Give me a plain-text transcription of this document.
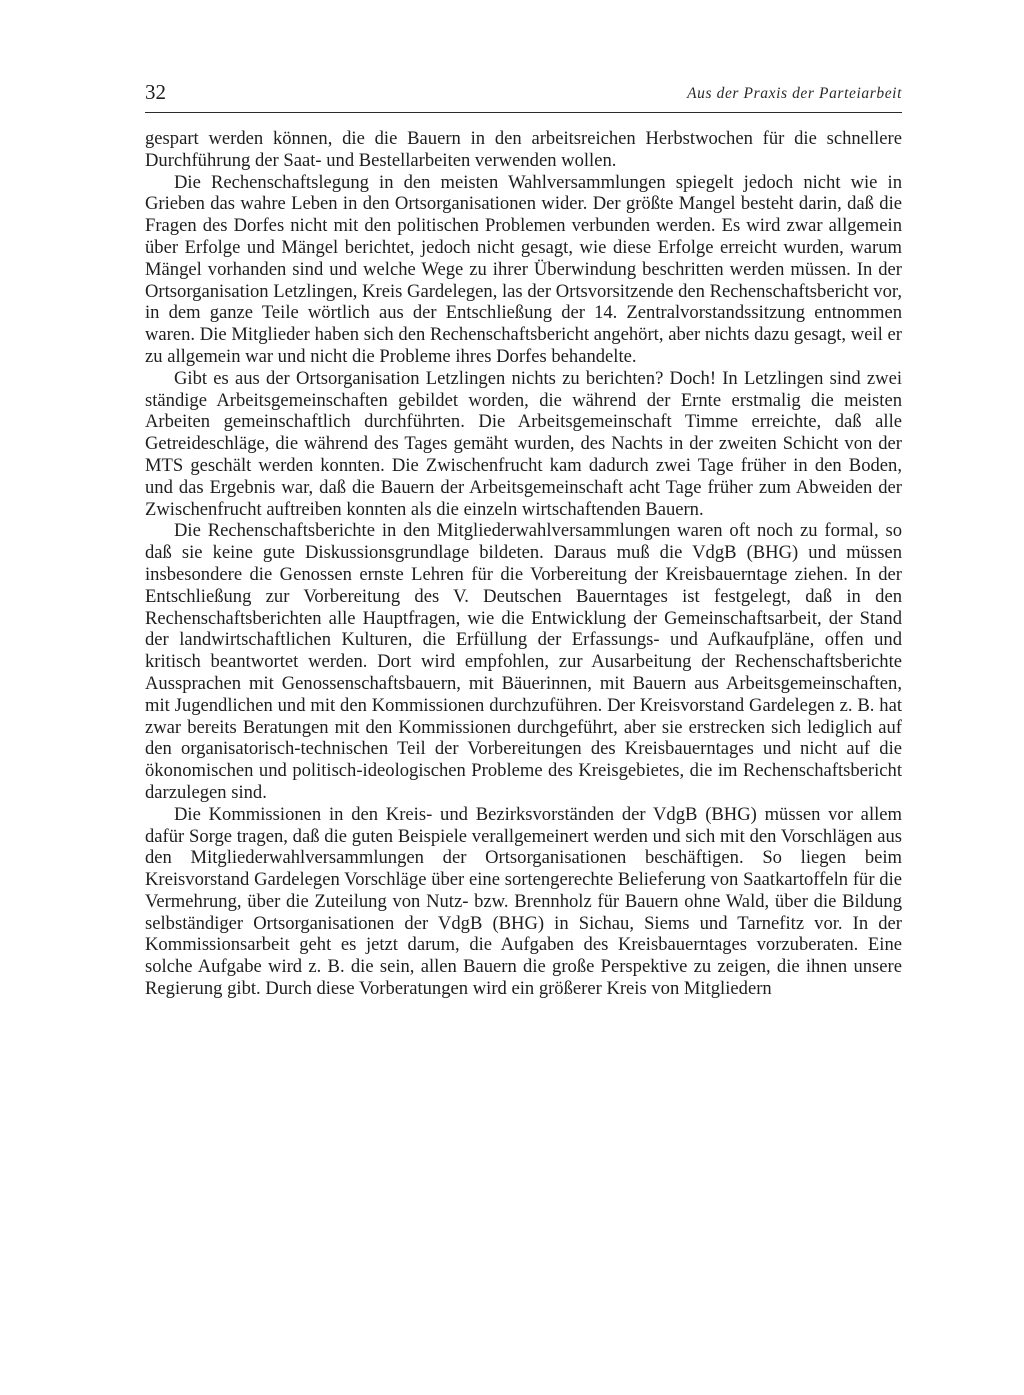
32	Aus der Praxis der Parteiarbeit

gespart werden können, die die Bauern in den arbeitsreichen Herbstwochen für die schnellere Durchführung der Saat- und Bestellarbeiten verwenden wollen.

Die Rechenschaftslegung in den meisten Wahlversammlungen spiegelt jedoch nicht wie in Grieben das wahre Leben in den Ortsorganisationen wider. Der größte Mangel besteht darin, daß die Fragen des Dorfes nicht mit den politischen Problemen verbunden werden. Es wird zwar allgemein über Erfolge und Mängel berichtet, jedoch nicht gesagt, wie diese Erfolge erreicht wurden, warum Mängel vorhanden sind und welche Wege zu ihrer Überwindung beschritten werden müssen. In der Ortsorganisation Letzlingen, Kreis Gardelegen, las der Ortsvorsitzende den Rechenschaftsbericht vor, in dem ganze Teile wörtlich aus der Entschließung der 14. Zentralvorstandssitzung entnommen waren. Die Mitglieder haben sich den Rechenschaftsbericht angehört, aber nichts dazu gesagt, weil er zu allgemein war und nicht die Probleme ihres Dorfes behandelte.

Gibt es aus der Ortsorganisation Letzlingen nichts zu berichten? Doch! In Letzlingen sind zwei ständige Arbeitsgemeinschaften gebildet worden, die während der Ernte erstmalig die meisten Arbeiten gemeinschaftlich durchführten. Die Arbeitsgemeinschaft Timme erreichte, daß alle Getreideschläge, die während des Tages gemäht wurden, des Nachts in der zweiten Schicht von der MTS geschält werden konnten. Die Zwischenfrucht kam dadurch zwei Tage früher in den Boden, und das Ergebnis war, daß die Bauern der Arbeitsgemeinschaft acht Tage früher zum Abweiden der Zwischenfrucht auftreiben konnten als die einzeln wirtschaftenden Bauern.

Die Rechenschaftsberichte in den Mitgliederwahlversammlungen waren oft noch zu formal, so daß sie keine gute Diskussionsgrundlage bildeten. Daraus muß die VdgB (BHG) und müssen insbesondere die Genossen ernste Lehren für die Vorbereitung der Kreisbauerntage ziehen. In der Entschließung zur Vorbereitung des V. Deutschen Bauerntages ist festgelegt, daß in den Rechenschaftsberichten alle Hauptfragen, wie die Entwicklung der Gemeinschaftsarbeit, der Stand der landwirtschaftlichen Kulturen, die Erfüllung der Erfassungs- und Aufkaufpläne, offen und kritisch beantwortet werden. Dort wird empfohlen, zur Ausarbeitung der Rechenschaftsberichte Aussprachen mit Genossenschaftsbauern, mit Bäuerinnen, mit Bauern aus Arbeitsgemeinschaften, mit Jugendlichen und mit den Kommissionen durchzuführen. Der Kreisvorstand Gardelegen z. B. hat zwar bereits Beratungen mit den Kommissionen durchgeführt, aber sie erstrecken sich lediglich auf den organisatorisch-technischen Teil der Vorbereitungen des Kreisbauerntages und nicht auf die ökonomischen und politisch-ideologischen Probleme des Kreisgebietes, die im Rechenschaftsbericht darzulegen sind.

Die Kommissionen in den Kreis- und Bezirksvorständen der VdgB (BHG) müssen vor allem dafür Sorge tragen, daß die guten Beispiele verallgemeinert werden und sich mit den Vorschlägen aus den Mitgliederwahlversammlungen der Ortsorganisationen beschäftigen. So liegen beim Kreisvorstand Gardelegen Vorschläge über eine sortengerechte Belieferung von Saatkartoffeln für die Vermehrung, über die Zuteilung von Nutz- bzw. Brennholz für Bauern ohne Wald, über die Bildung selbständiger Ortsorganisationen der VdgB (BHG) in Sichau, Siems und Tarnefitz vor. In der Kommissionsarbeit geht es jetzt darum, die Aufgaben des Kreisbauerntages vorzuberaten. Eine solche Aufgabe wird z. B. die sein, allen Bauern die große Perspektive zu zeigen, die ihnen unsere Regierung gibt. Durch diese Vorberatungen wird ein größerer Kreis von Mitgliedern
